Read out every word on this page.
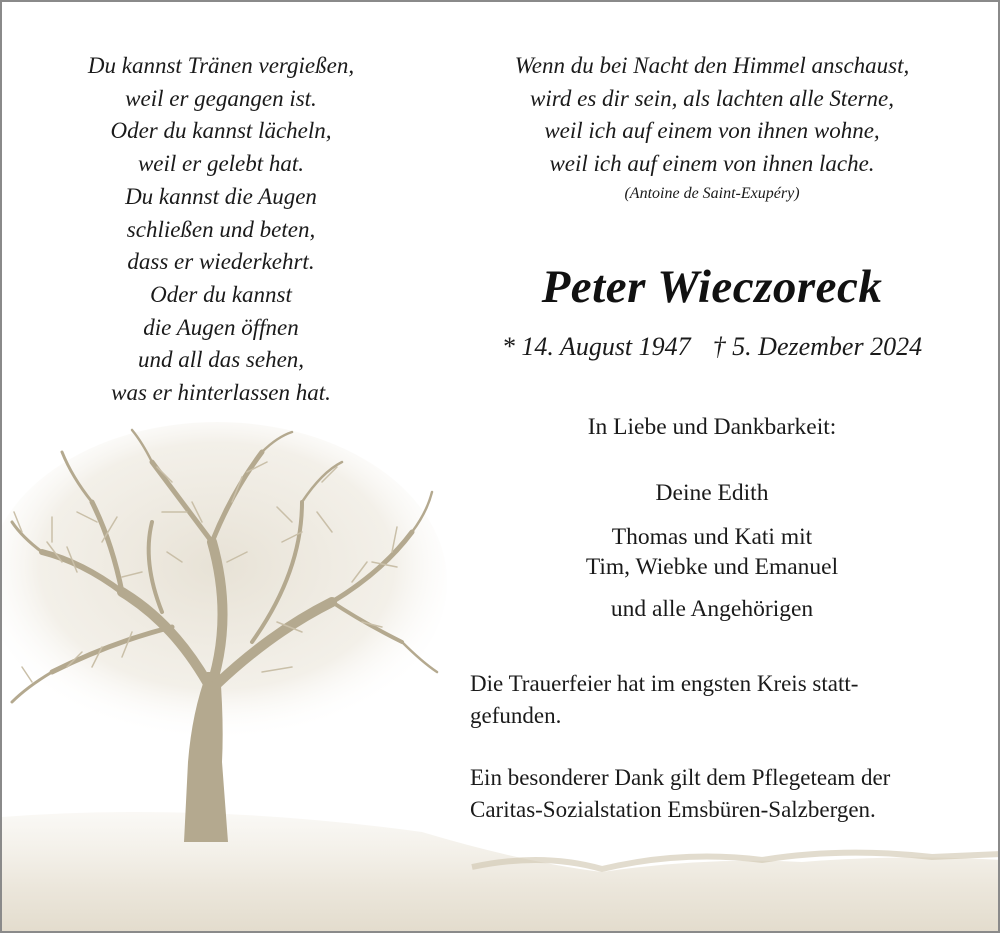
Du kannst Tränen vergießen,
weil er gegangen ist.
Oder du kannst lächeln,
weil er gelebt hat.
Du kannst die Augen
schließen und beten,
dass er wiederkehrt.
Oder du kannst
die Augen öffnen
und all das sehen,
was er hinterlassen hat.
Wenn du bei Nacht den Himmel anschaust,
wird es dir sein, als lachten alle Sterne,
weil ich auf einem von ihnen wohne,
weil ich auf einem von ihnen lache.
(Antoine de Saint-Exupéry)
Peter Wieczoreck
* 14. August 1947 † 5. Dezember 2024
In Liebe und Dankbarkeit:
Deine Edith
Thomas und Kati mit
Tim, Wiebke und Emanuel
und alle Angehörigen
Die Trauerfeier hat im engsten Kreis statt-
gefunden.
Ein besonderer Dank gilt dem Pflegeteam der
Caritas-Sozialstation Emsbüren-Salzbergen.
